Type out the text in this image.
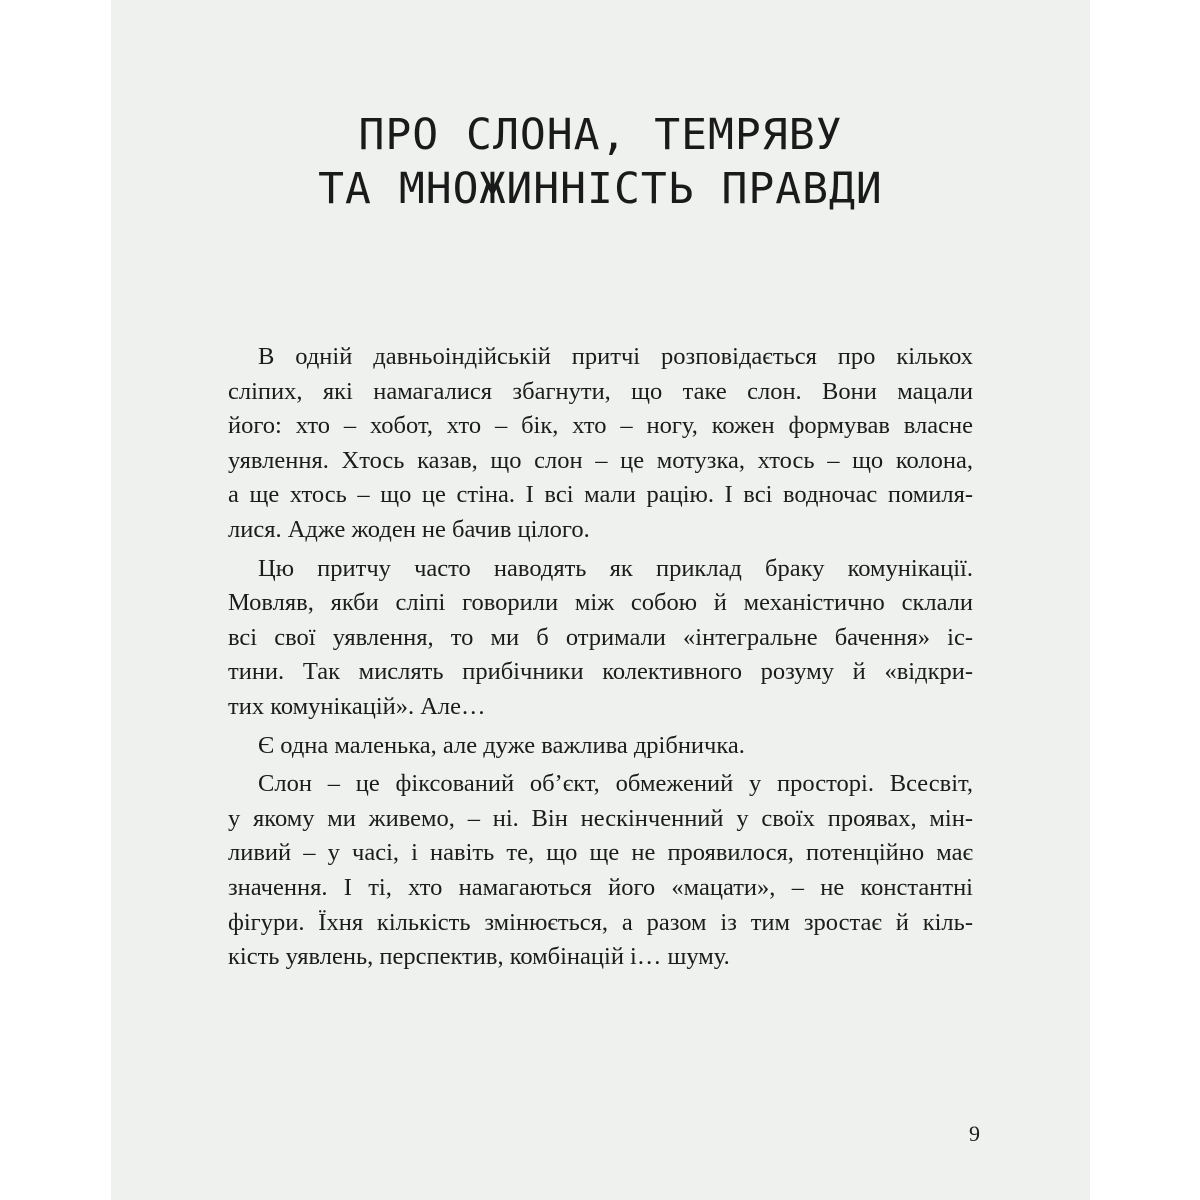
ПРО СЛОНА, ТЕМРЯВУ
ТА МНОЖИННІСТЬ ПРАВДИ

В одній давньоіндійській притчі розповідається про кількох
сліпих, які намагалися збагнути, що таке слон. Вони мацали
його: хто – хобот, хто – бік, хто – ногу, кожен формував власне
уявлення. Хтось казав, що слон – це мотузка, хтось – що колона,
а ще хтось – що це стіна. І всі мали рацію. І всі водночас помиля-
лися. Адже жоден не бачив цілого.

Цю притчу часто наводять як приклад браку комунікації.
Мовляв, якби сліпі говорили між собою й механістично склали
всі свої уявлення, то ми б отримали «інтегральне бачення» іс-
тини. Так мислять прибічники колективного розуму й «відкри-
тих комунікацій». Але…

Є одна маленька, але дуже важлива дрібничка.

Слон – це фіксований об’єкт, обмежений у просторі. Всесвіт,
у якому ми живемо, – ні. Він нескінченний у своїх проявах, мін-
ливий – у часі, і навіть те, що ще не проявилося, потенційно має
значення. І ті, хто намагаються його «мацати», – не константні
фігури. Їхня кількість змінюється, а разом із тим зростає й кіль-
кість уявлень, перспектив, комбінацій і… шуму.

9
